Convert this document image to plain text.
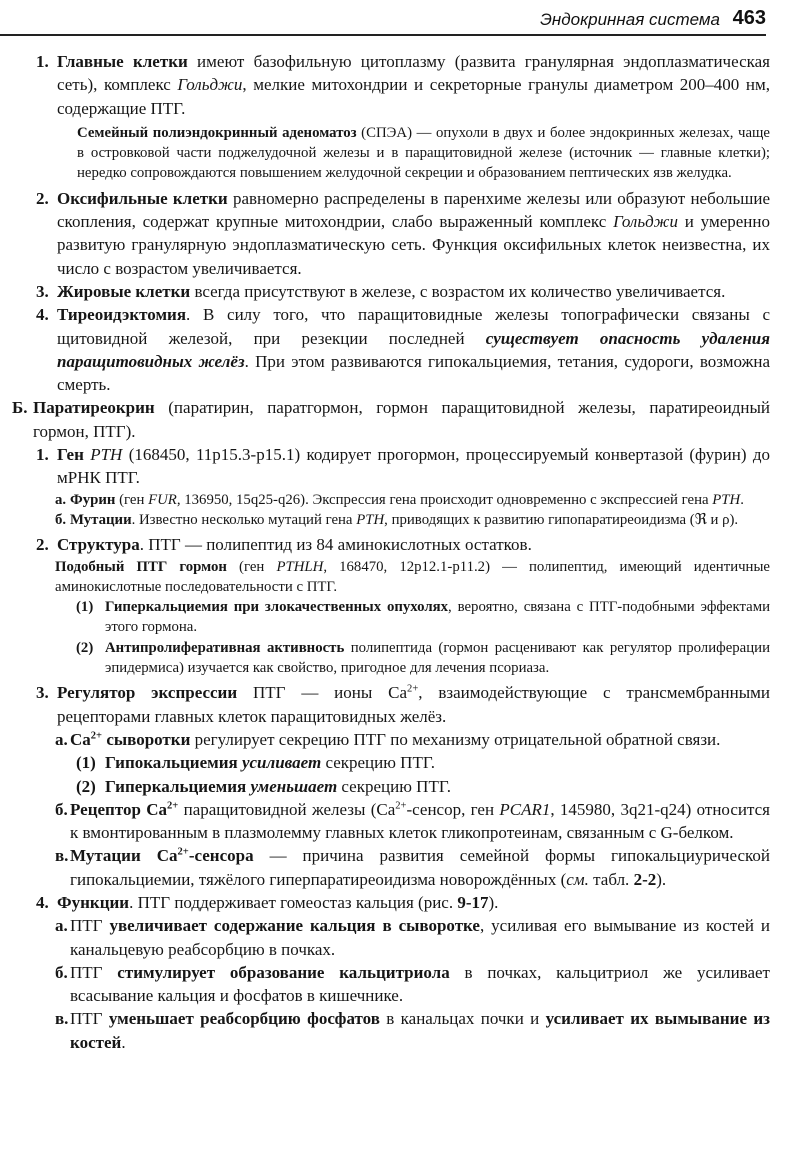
Эндокринная система 463

1. Главные клетки имеют базофильную цитоплазму (развита гранулярная эндоплазматическая сеть), комплекс Гольджи, мелкие митохондрии и секреторные гранулы диаметром 200–400 нм, содержащие ПТГ.

Семейный полиэндокринный аденоматоз (СПЭА) — опухоли в двух и более эндокринных железах, чаще в островковой части поджелудочной железы и в паращитовидной железе (источник — главные клетки); нередко сопровождаются повышением желудочной секреции и образованием пептических язв желудка.

2. Оксифильные клетки равномерно распределены в паренхиме железы или образуют небольшие скопления, содержат крупные митохондрии, слабо выраженный комплекс Гольджи и умеренно развитую гранулярную эндоплазматическую сеть. Функция оксифильных клеток неизвестна, их число с возрастом увеличивается.

3. Жировые клетки всегда присутствуют в железе, с возрастом их количество увеличивается.

4. Тиреоидэктомия. В силу того, что паращитовидные железы топографически связаны с щитовидной железой, при резекции последней существует опасность удаления паращитовидных желёз. При этом развиваются гипокальциемия, тетания, судороги, возможна смерть.

Б. Паратиреокрин (паратирин, паратгормон, гормон паращитовидной железы, паратиреоидный гормон, ПТГ).

1. Ген PTH (168450, 11p15.3-p15.1) кодирует прогормон, процессируемый конвертазой (фурин) до мРНК ПТГ.

а. Фурин (ген FUR, 136950, 15q25-q26). Экспрессия гена происходит одновременно с экспрессией гена PTH.

б. Мутации. Известно несколько мутаций гена PTH, приводящих к развитию гипопаратиреоидизма (ℜ и ρ).

2. Структура. ПТГ — полипептид из 84 аминокислотных остатков.

Подобный ПТГ гормон (ген PTHLH, 168470, 12p12.1-p11.2) — полипептид, имеющий идентичные аминокислотные последовательности с ПТГ.

(1) Гиперкальциемия при злокачественных опухолях, вероятно, связана с ПТГ-подобными эффектами этого гормона.

(2) Антипролиферативная активность полипептида (гормон расценивают как регулятор пролиферации эпидермиса) изучается как свойство, пригодное для лечения псориаза.

3. Регулятор экспрессии ПТГ — ионы $Ca^{2+}$, взаимодействующие с трансмембранными рецепторами главных клеток паращитовидных желёз.

а. $Ca^{2+}$ сыворотки регулирует секрецию ПТГ по механизму отрицательной обратной связи.

(1) Гипокальциемия усиливает секрецию ПТГ.

(2) Гиперкальциемия уменьшает секрецию ПТГ.

б. Рецептор $Ca^{2+}$ паращитовидной железы ($Ca^{2+}$-сенсор, ген PCAR1, 145980, 3q21-q24) относится к вмонтированным в плазмолемму главных клеток гликопротеинам, связанным с G-белком.

в. Мутации $Ca^{2+}$-сенсора — причина развития семейной формы гипокальциурической гипокальциемии, тяжёлого гиперпаратиреоидизма новорождённых (см. табл. 2-2).

4. Функции. ПТГ поддерживает гомеостаз кальция (рис. 9-17).

а. ПТГ увеличивает содержание кальция в сыворотке, усиливая его вымывание из костей и канальцевую реабсорбцию в почках.

б. ПТГ стимулирует образование кальцитриола в почках, кальцитриол же усиливает всасывание кальция и фосфатов в кишечнике.

в. ПТГ уменьшает реабсорбцию фосфатов в канальцах почки и усиливает их вымывание из костей.
